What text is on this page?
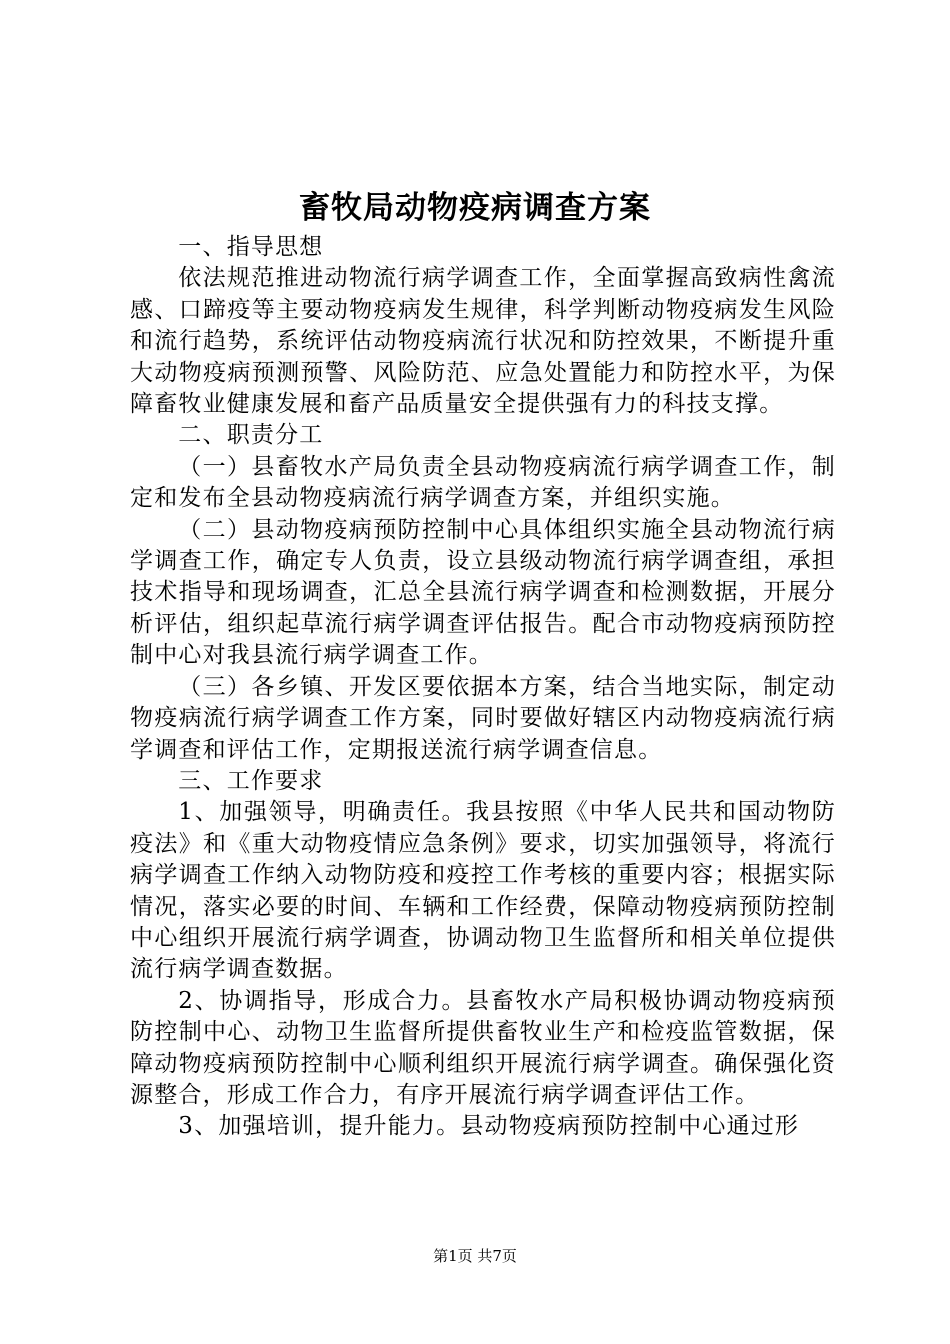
畜牧局动物疫病调查方案

一、指导思想

依法规范推进动物流行病学调查工作，全面掌握高致病性禽流感、口蹄疫等主要动物疫病发生规律，科学判断动物疫病发生风险和流行趋势，系统评估动物疫病流行状况和防控效果，不断提升重大动物疫病预测预警、风险防范、应急处置能力和防控水平，为保障畜牧业健康发展和畜产品质量安全提供强有力的科技支撑。

二、职责分工

（一）县畜牧水产局负责全县动物疫病流行病学调查工作，制定和发布全县动物疫病流行病学调查方案，并组织实施。

（二）县动物疫病预防控制中心具体组织实施全县动物流行病学调查工作，确定专人负责，设立县级动物流行病学调查组，承担技术指导和现场调查，汇总全县流行病学调查和检测数据，开展分析评估，组织起草流行病学调查评估报告。配合市动物疫病预防控制中心对我县流行病学调查工作。

（三）各乡镇、开发区要依据本方案，结合当地实际，制定动物疫病流行病学调查工作方案，同时要做好辖区内动物疫病流行病学调查和评估工作，定期报送流行病学调查信息。

三、工作要求

1、加强领导，明确责任。我县按照《中华人民共和国动物防疫法》和《重大动物疫情应急条例》要求，切实加强领导，将流行病学调查工作纳入动物防疫和疫控工作考核的重要内容；根据实际情况，落实必要的时间、车辆和工作经费，保障动物疫病预防控制中心组织开展流行病学调查，协调动物卫生监督所和相关单位提供流行病学调查数据。

2、协调指导，形成合力。县畜牧水产局积极协调动物疫病预防控制中心、动物卫生监督所提供畜牧业生产和检疫监管数据，保障动物疫病预防控制中心顺利组织开展流行病学调查。确保强化资源整合，形成工作合力，有序开展流行病学调查评估工作。

3、加强培训，提升能力。县动物疫病预防控制中心通过形

第1页 共7页
